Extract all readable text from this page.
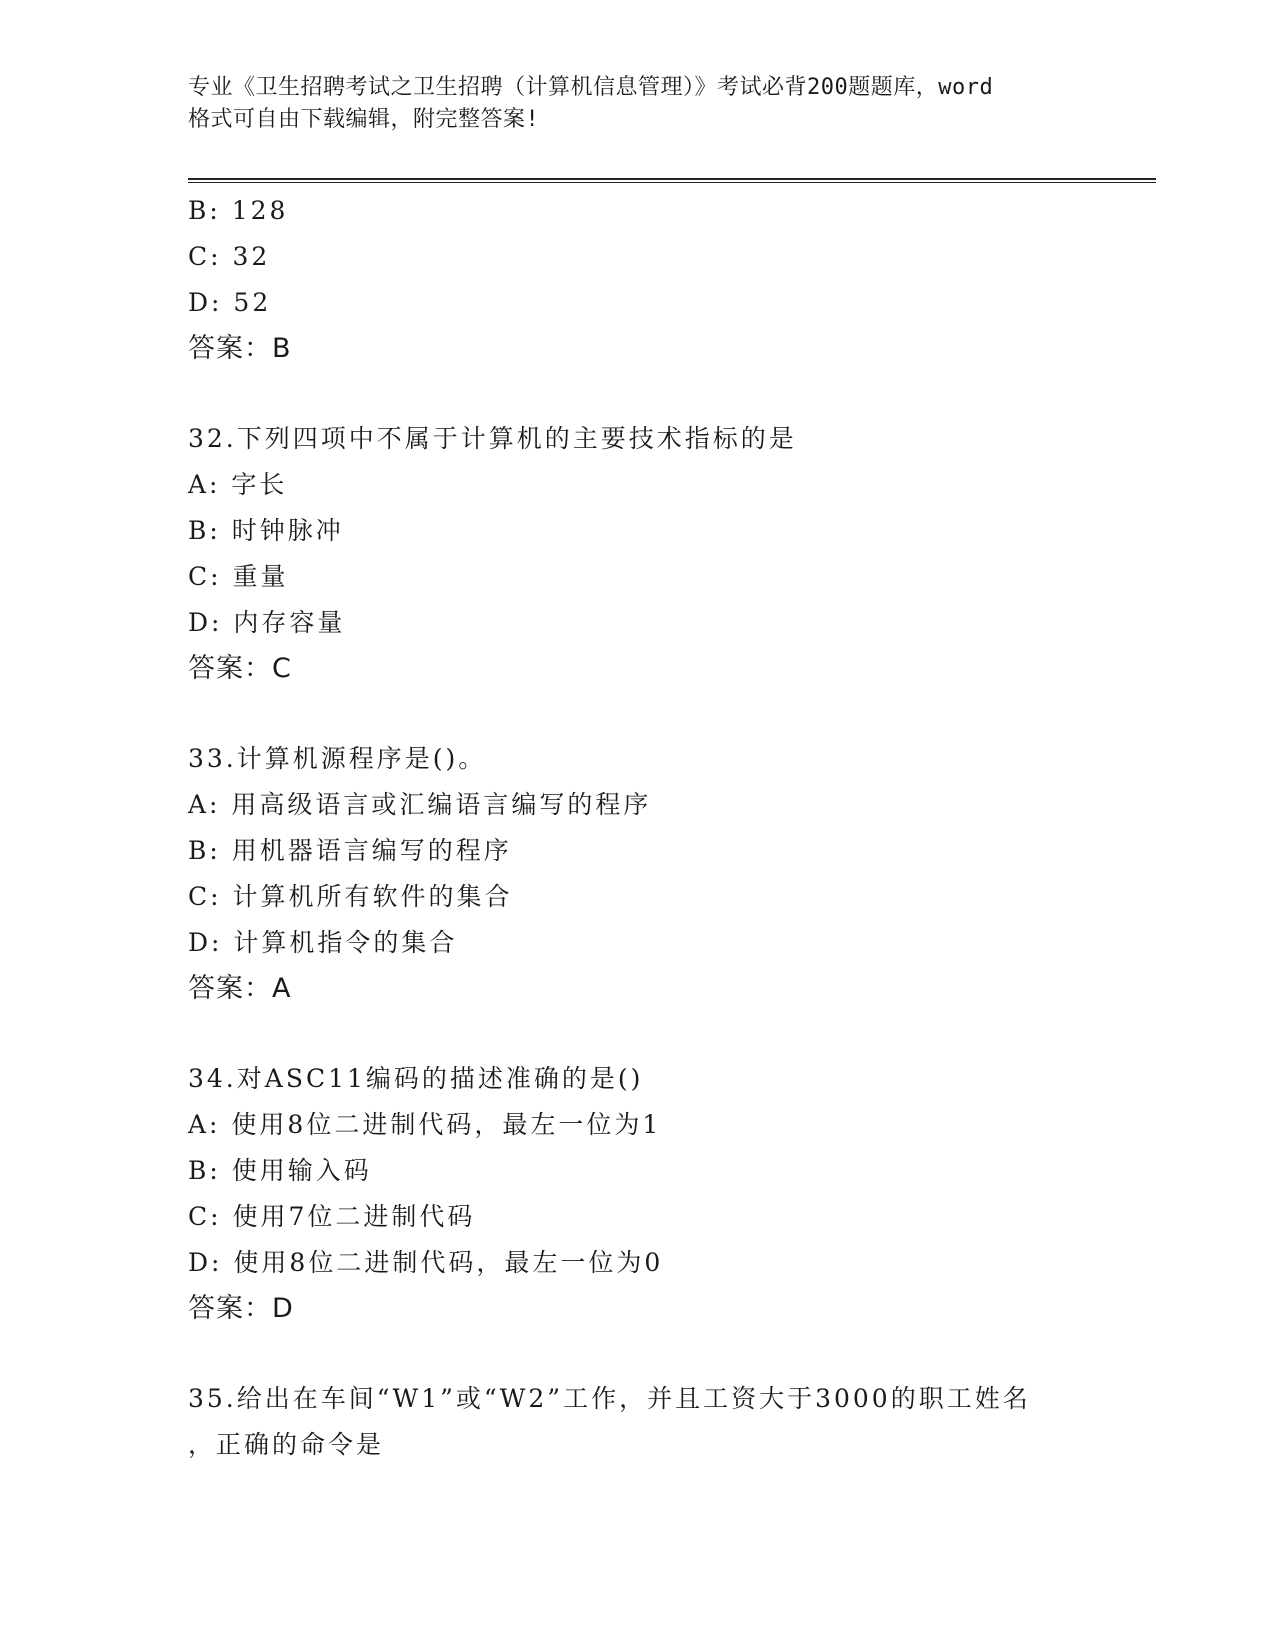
专业《卫生招聘考试之卫生招聘（计算机信息管理）》考试必背200题题库，word
格式可自由下载编辑，附完整答案!
B: 128
C: 32
D: 52
答案：B
32.下列四项中不属于计算机的主要技术指标的是
A: 字长
B: 时钟脉冲
C: 重量
D: 内存容量
答案：C
33.计算机源程序是()。
A: 用高级语言或汇编语言编写的程序
B: 用机器语言编写的程序
C: 计算机所有软件的集合
D: 计算机指令的集合
答案：A
34.对ASC11编码的描述准确的是()
A: 使用8位二进制代码，最左一位为1
B: 使用输入码
C: 使用7位二进制代码
D: 使用8位二进制代码，最左一位为0
答案：D
35.给出在车间“W1”或“W2”工作，并且工资大于3000的职工姓名
，正确的命令是
